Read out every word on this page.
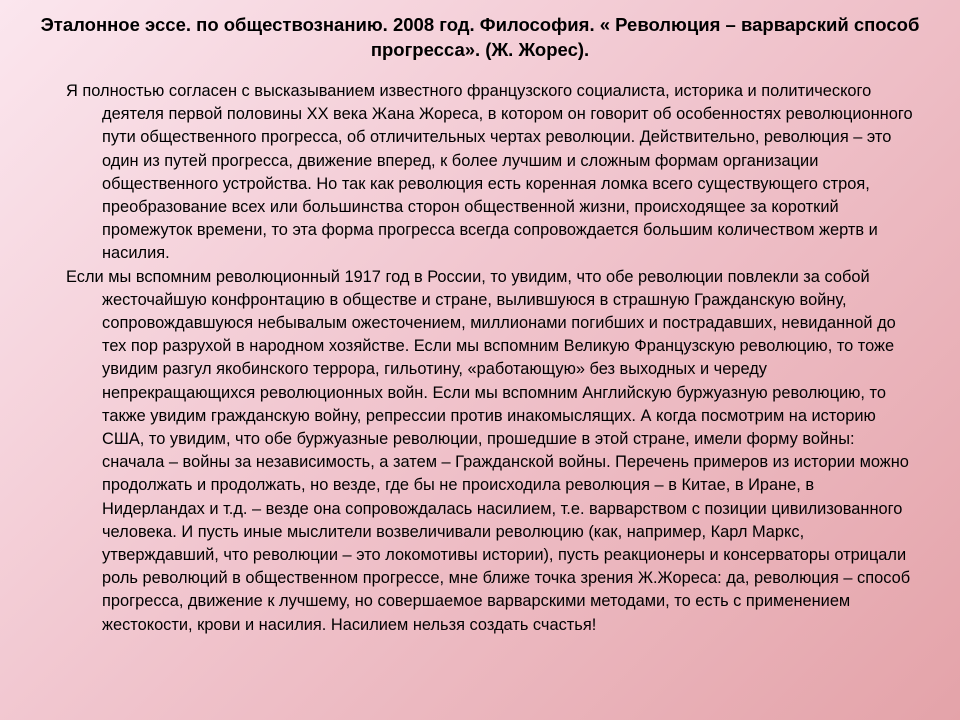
Эталонное эссе. по обществознанию. 2008 год. Философия. « Революция – варварский способ прогресса». (Ж. Жорес).

Я полностью согласен с высказыванием известного французского социалиста, историка и политического деятеля первой половины XX века Жана Жореса, в котором он говорит об особенностях революционного пути общественного прогресса, об отличительных чертах революции. Действительно, революция – это один из путей прогресса, движение вперед, к более лучшим и сложным формам организации общественного устройства. Но так как революция есть коренная ломка всего существующего строя, преобразование всех или большинства сторон общественной жизни, происходящее за короткий промежуток времени, то эта форма прогресса всегда сопровождается большим количеством жертв и насилия.

Если мы вспомним революционный 1917 год в России, то увидим, что обе революции повлекли за собой жесточайшую конфронтацию в обществе и стране, вылившуюся в страшную Гражданскую войну, сопровождавшуюся небывалым ожесточением, миллионами погибших и пострадавших, невиданной до тех пор разрухой в народном хозяйстве. Если мы вспомним Великую Французскую революцию, то тоже увидим разгул якобинского террора, гильотину, «работающую» без выходных и череду непрекращающихся революционных войн. Если мы вспомним Английскую буржуазную революцию, то также увидим гражданскую войну, репрессии против инакомыслящих. А когда посмотрим на историю США, то увидим, что обе буржуазные революции, прошедшие в этой стране, имели форму войны: сначала – войны за независимость, а затем – Гражданской войны. Перечень примеров из истории можно продолжать и продолжать, но везде, где бы не происходила революция – в Китае, в Иране, в Нидерландах и т.д. – везде она сопровождалась насилием, т.е. варварством с позиции цивилизованного человека. И пусть иные мыслители возвеличивали революцию (как, например, Карл Маркс, утверждавший, что революции – это локомотивы истории), пусть реакционеры и консерваторы отрицали роль революций в общественном прогрессе, мне ближе точка зрения Ж.Жореса: да, революция – способ прогресса, движение к лучшему, но совершаемое варварскими методами, то есть с применением жестокости, крови и насилия. Насилием нельзя создать счастья!
